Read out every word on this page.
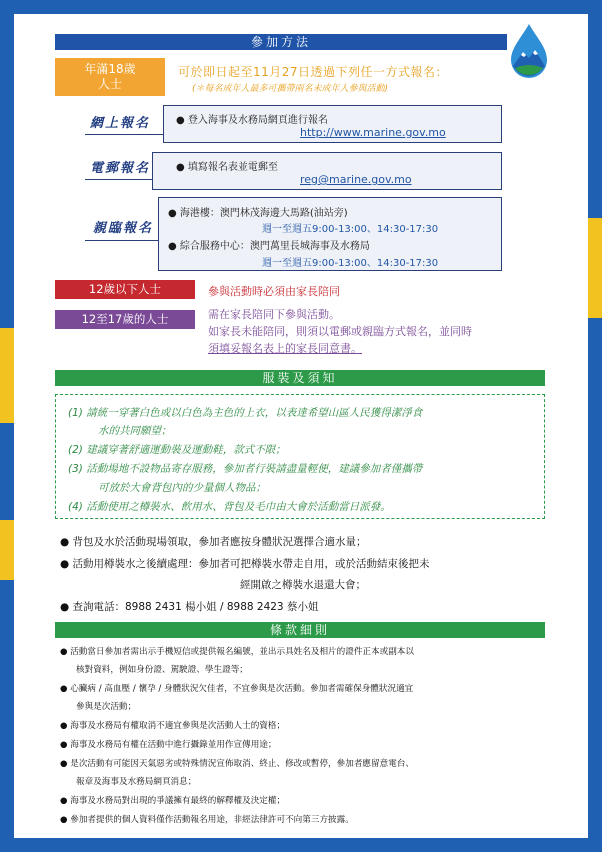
參加方法
年滿18歲
人士
可於即日起至11月27日透過下列任一方式報名：
(＊每名成年人最多可攜帶兩名未成年人參與活動)
網上報名	● 登入海事及水務局網頁進行報名
http://www.marine.gov.mo
電郵報名	● 填寫報名表並電郵至
reg@marine.gov.mo
親臨報名
● 海港樓：澳門林茂海邊大馬路(油站旁)
週一至週五9:00-13:00、14:30-17:30
● 綜合服務中心：澳門萬里長城海事及水務局
週一至週五9:00-13:00、14:30-17:30
12歲以下人士	參與活動時必須由家長陪同
12至17歲的人士	需在家長陪同下參與活動。
如家長未能陪同，則須以電郵或親臨方式報名，並同時
須填妥報名表上的家長同意書。
服裝及須知
(1) 請統一穿著白色或以白色為主色的上衣，以表達希望山區人民獲得潔淨食
水的共同願望；
(2) 建議穿著舒適運動裝及運動鞋，款式不限；
(3) 活動場地不設物品寄存服務，參加者行裝請盡量輕便，建議參加者僅攜帶
可放於大會背包內的少量個人物品；
(4) 活動使用之樽裝水、飲用水、背包及毛巾由大會於活動當日派發。
● 背包及水於活動現場領取，參加者應按身體狀況選擇合適水量；
● 活動用樽裝水之後續處理：參加者可把樽裝水帶走自用，或於活動結束後把未
經開啟之樽裝水退還大會；
● 查詢電話：8988 2431 楊小姐 / 8988 2423 蔡小姐
條款細則
● 活動當日參加者需出示手機短信或提供報名編號，並出示具姓名及相片的證件正本或副本以
核對資料，例如身份證、駕駛證、學生證等；
● 心臟病 / 高血壓 / 懷孕 / 身體狀況欠佳者，不宜參與是次活動。參加者需確保身體狀況適宜
參與是次活動；
● 海事及水務局有權取消不適宜參與是次活動人士的資格；
● 海事及水務局有權在活動中進行攝錄並用作宣傳用途；
● 是次活動有可能因天氣惡劣或特殊情況宣佈取消、終止、修改或暫停，參加者應留意電台、
報章及海事及水務局網頁消息；
● 海事及水務局對出現的爭議擁有最終的解釋權及決定權；
● 參加者提供的個人資料僅作活動報名用途，非經法律許可不向第三方披露。
